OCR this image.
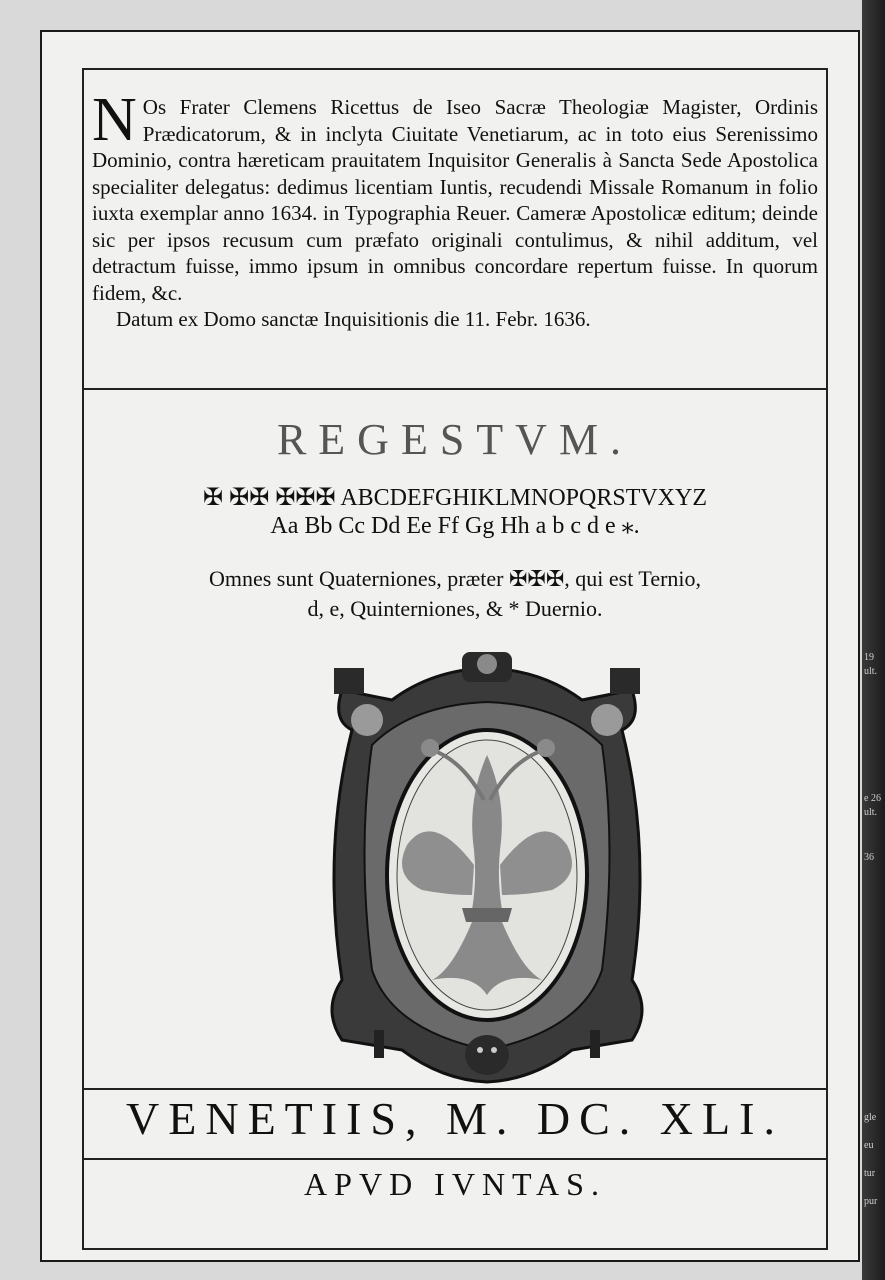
N Os Frater Clemens Ricettus de Iseo Sacræ Theologiæ Magister, Ordinis Prædicatorum, & in inclyta Ciuitate Venetiarum, ac in toto eius Serenissimo Dominio, contra hæreticam prauitatem Inquisitor Generalis à Sancta Sede Apostolica specialiter delegatus: dedimus licentiam Iuntis, recudendi Missale Romanum in folio iuxta exemplar anno 1634. in Typographia Reuer. Cameræ Apostolicæ editum; deinde sic per ipsos recusum cum præfato originali contulimus, & nihil additum, vel detractum fuisse, immo ipsum in omnibus concordare repertum fuisse. In quorum fidem, &c.

Datum ex Domo sanctæ Inquisitionis die 11. Febr. 1636.

REGESTVM.
✠ ✠✠ ✠✠✠ ABCDEFGHIKLMNOPQRSTVXYZ
Aa Bb Cc Dd Ee Ff Gg Hh a b c d e ⁎.
Omnes sunt Quaterniones, præter ✠✠✠, qui est Ternio,
d, e, Quinterniones, & * Duernio.
VENETIIS, M. DC. XLI.
APVD IVNTAS.
19
ult.
e 26
ult.
36
gle
eu
tur
pur
